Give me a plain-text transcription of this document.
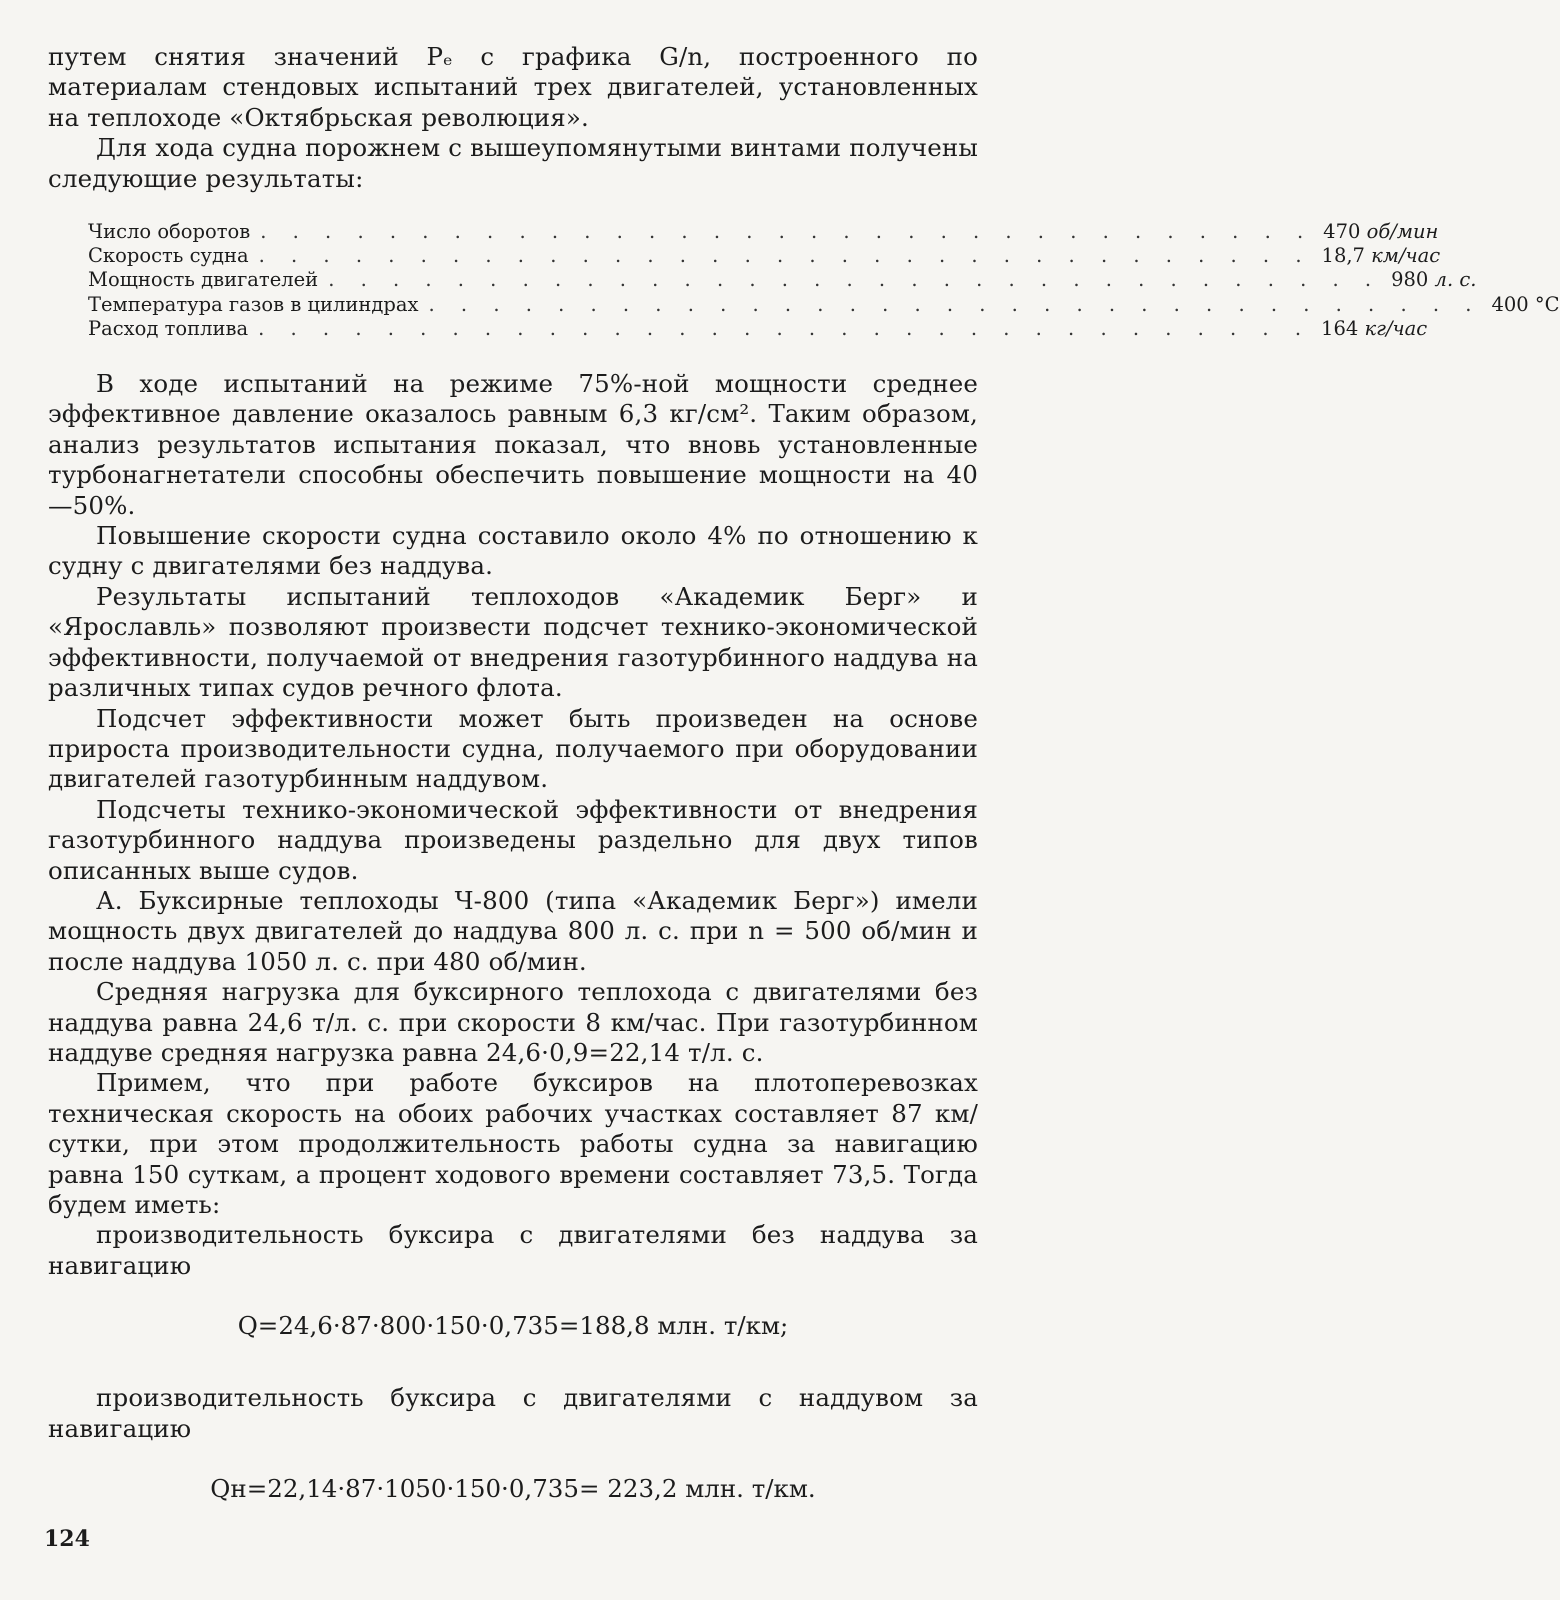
путем снятия значений Pₑ с графика G/n, построенного по материалам стендовых испытаний трех двигателей, установленных на теплоходе «Октябрьская революция».

Для хода судна порожнем с вышеупомянутыми винтами получены следующие результаты:

Число оборотов . . . . . . . . . . . . . . . . . . . . . . . . . . . . . . . . . 470 об/мин
Скорость судна . . . . . . . . . . . . . . . . . . . . . . . . . . . . . . . . . 18,7 км/час
Мощность двигателей . . . . . . . . . . . . . . . . . . . . . . . . . . . . . . . . . 980 л. с.
Температура газов в цилиндрах . . . . . . . . . . . . . . . . . . . . . . . . . . . . . . . . . 400 °С
Расход топлива . . . . . . . . . . . . . . . . . . . . . . . . . . . . . . . . . 164 кг/час

В ходе испытаний на режиме 75%-ной мощности среднее эффективное давление оказалось равным 6,3 кг/см². Таким образом, анализ результатов испытания показал, что вновь установленные турбонагнетатели способны обеспечить повышение мощности на 40—50%.

Повышение скорости судна составило около 4% по отношению к судну с двигателями без наддува.

Результаты испытаний теплоходов «Академик Берг» и «Ярославль» позволяют произвести подсчет технико-экономической эффективности, получаемой от внедрения газотурбинного наддува на различных типах судов речного флота.

Подсчет эффективности может быть произведен на основе прироста производительности судна, получаемого при оборудовании двигателей газотурбинным наддувом.

Подсчеты технико-экономической эффективности от внедрения газотурбинного наддува произведены раздельно для двух типов описанных выше судов.

А. Буксирные теплоходы Ч-800 (типа «Академик Берг») имели мощность двух двигателей до наддува 800 л. с. при n = 500 об/мин и после наддува 1050 л. с. при 480 об/мин.

Средняя нагрузка для буксирного теплохода с двигателями без наддува равна 24,6 т/л. с. при скорости 8 км/час. При газотурбинном наддуве средняя нагрузка равна 24,6·0,9=22,14 т/л. с.

Примем, что при работе буксиров на плотоперевозках техническая скорость на обоих рабочих участках составляет 87 км/сутки, при этом продолжительность работы судна за навигацию равна 150 суткам, а процент ходового времени составляет 73,5. Тогда будем иметь:

производительность буксира с двигателями без наддува за навигацию

Q=24,6·87·800·150·0,735=188,8 млн. т/км;

производительность буксира с двигателями с наддувом за навигацию

Qн=22,14·87·1050·150·0,735= 223,2 млн. т/км.
124
